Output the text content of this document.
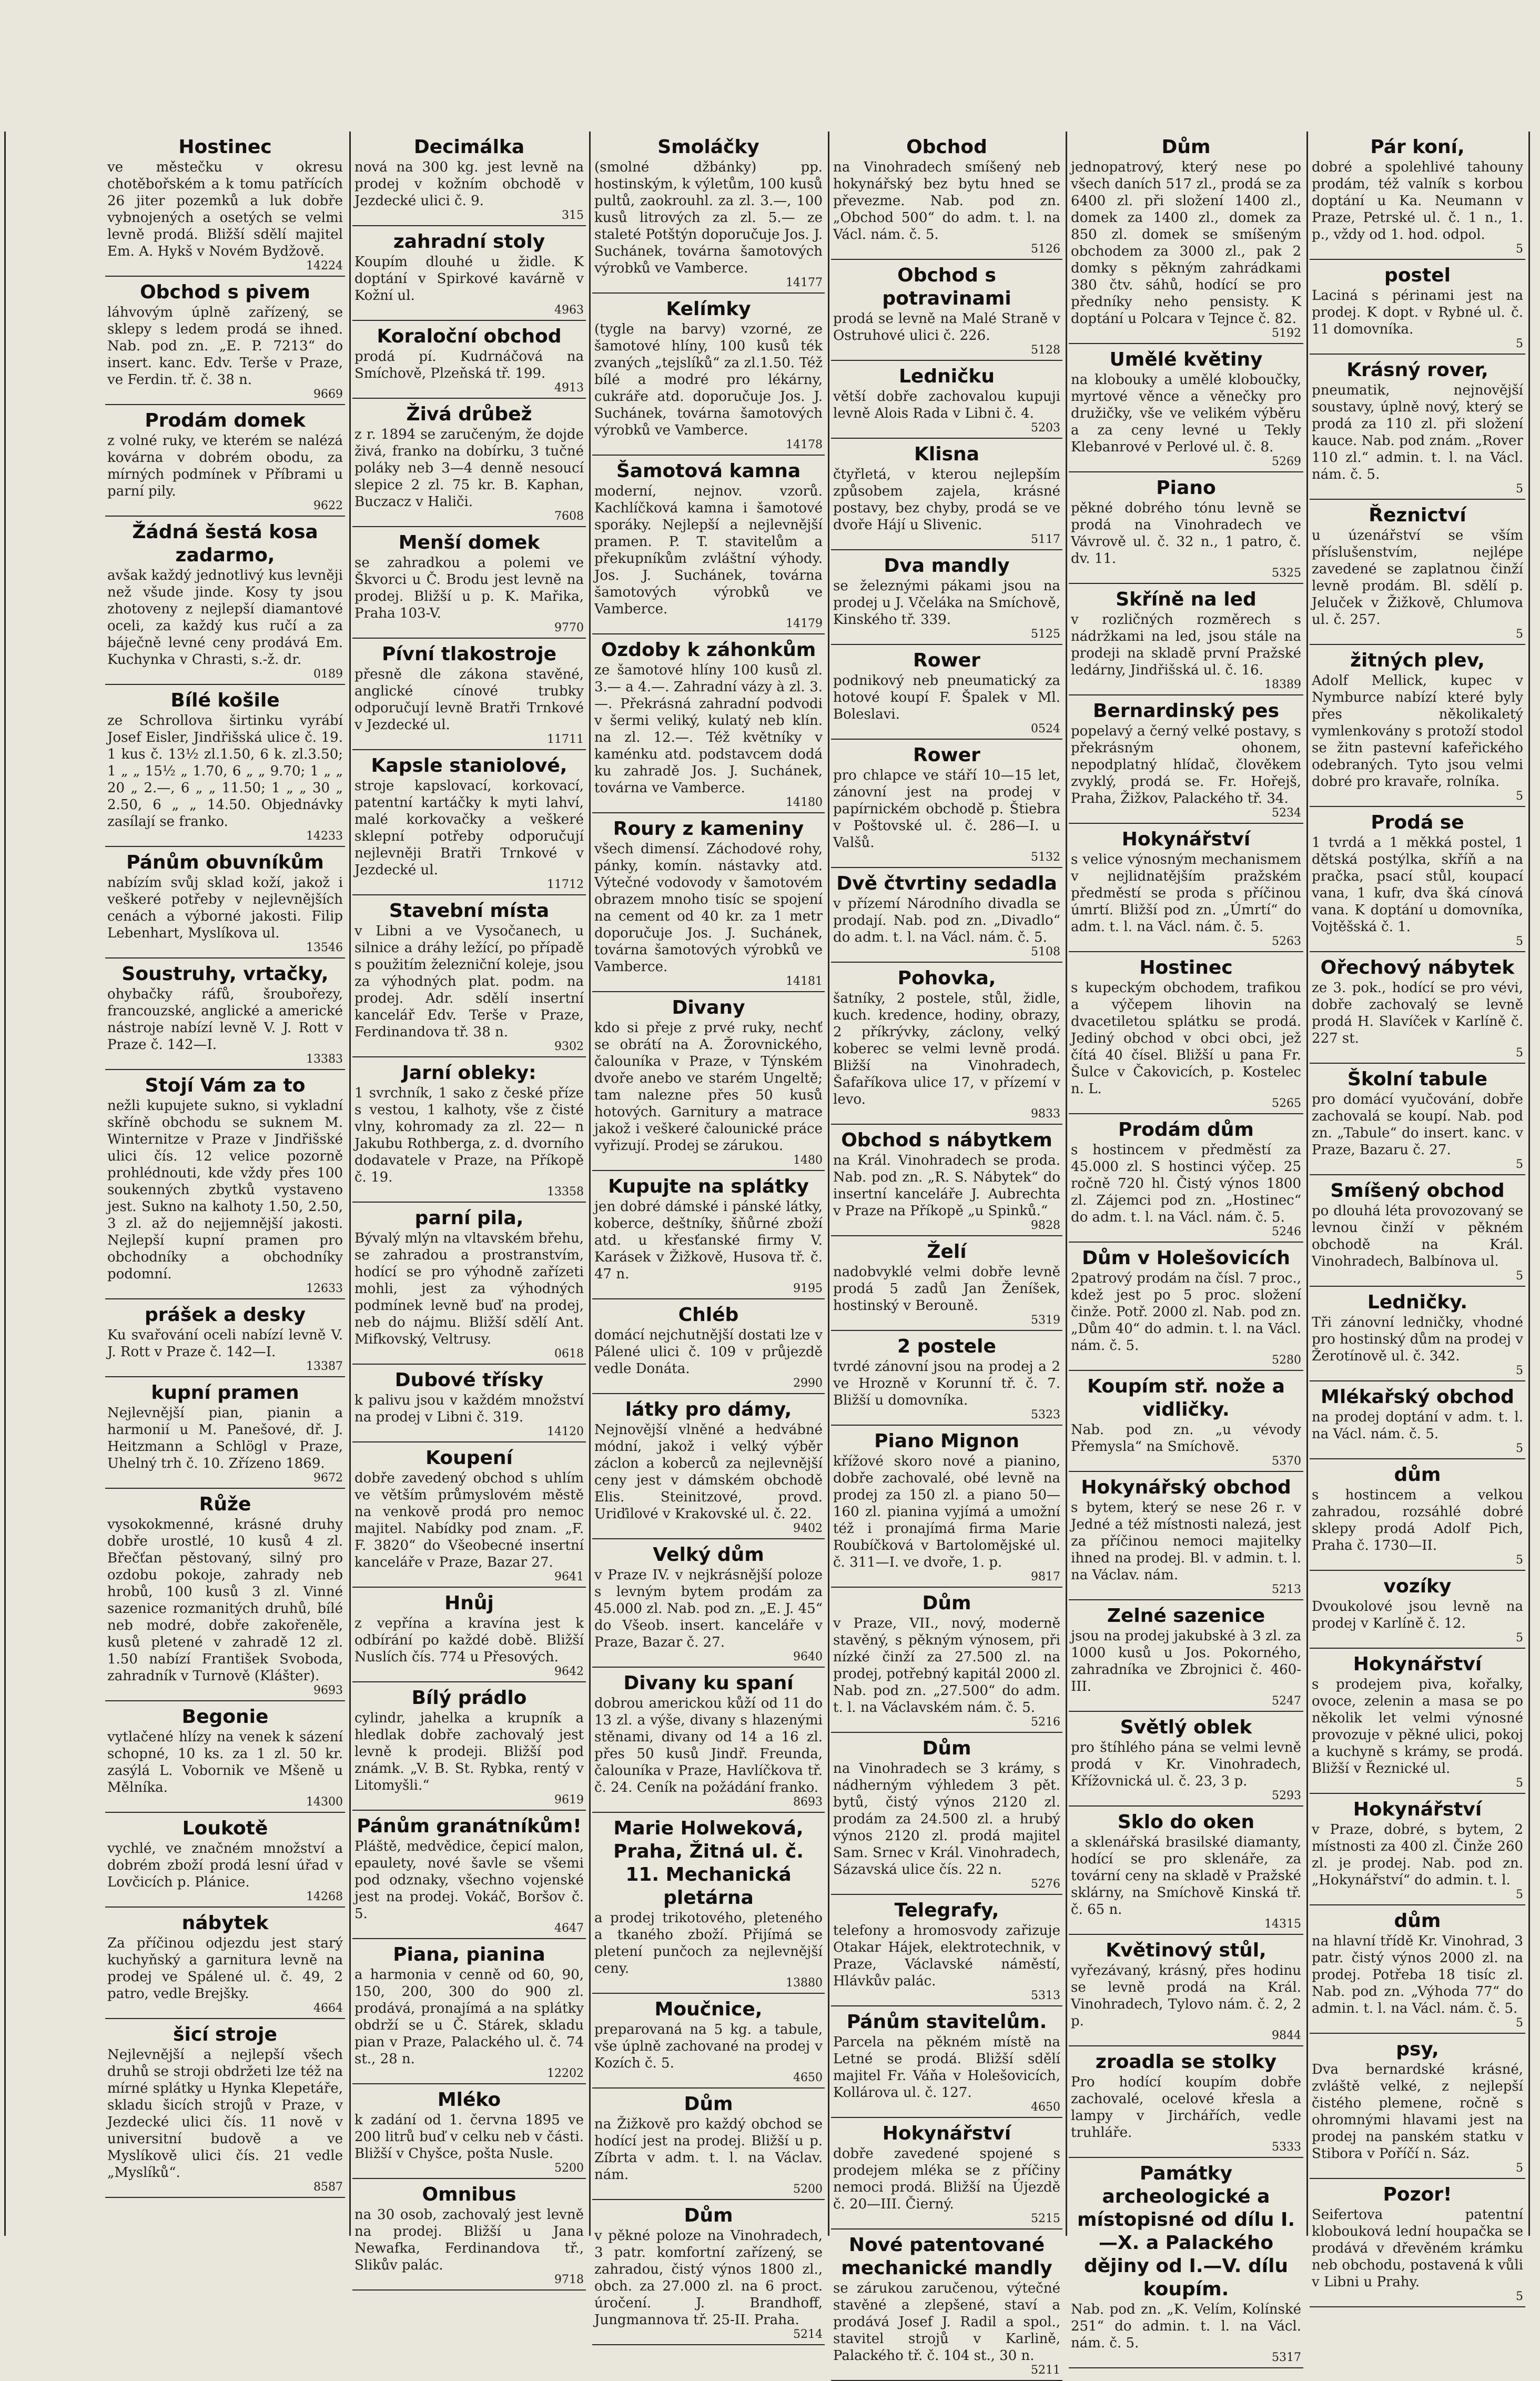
Hostinec
ve městečku v okresu chotěbořském a k tomu patřících 26 jiter pozemků a luk dobře vybnojených a osetých se velmi levně prodá. Bližší sdělí majitel Em. A. Hykš v Novém Bydžově.
14224
Obchod s pivem
láhvovým úplně zařízený, se sklepy s ledem prodá se ihned. Nab. pod zn. „E. P. 7213“ do insert. kanc. Edv. Terše v Praze, ve Ferdin. tř. č. 38 n.
9669
Prodám domek
z volné ruky, ve kterém se nalézá kovárna v dobrém obodu, za mírných podmínek v Příbrami u parní pily.
9622
Žádná šestá kosa zadarmo,
avšak každý jednotlivý kus levněji než všude jinde. Kosy ty jsou zhotoveny z nejlepší diamantové oceli, za každý kus ručí a za báječně levné ceny prodává Em. Kuchynka v Chrasti, s.-ž. dr.
0189
Bílé košile
ze Schrollova širtinku vyrábí Josef Eisler, Jindřišská ulice č. 19. 1 kus č. 13½ zl.1.50, 6 k. zl.3.50; 1 „ „ 15½ „ 1.70, 6 „ „ 9.70; 1 „ „ 20 „ 2.—, 6 „ „ 11.50; 1 „ „ 30 „ 2.50, 6 „ „ 14.50. Objednávky zasílají se franko.
14233
Pánům obuvníkům
nabízím svůj sklad koží, jakož i veškeré potřeby v nejlevnějších cenách a výborné jakosti. Filip Lebenhart, Myslíkova ul.
13546
Soustruhy, vrtačky,
ohybačky ráfů, šroubořezy, francouzské, anglické a americké nástroje nabízí levně V. J. Rott v Praze č. 142—I.
13383
Stojí Vám za to
nežli kupujete sukno, si vykladní skříně obchodu se suknem M. Winternitze v Praze v Jindřišské ulici čís. 12 velice pozorně prohlédnouti, kde vždy přes 100 soukenných zbytků vystaveno jest. Sukno na kalhoty 1.50, 2.50, 3 zl. až do nejjemnější jakosti. Nejlepší kupní pramen pro obchodníky a obchodníky podomní.
12633
prášek a desky
Ku svařování oceli nabízí levně V. J. Rott v Praze č. 142—I.
13387
kupní pramen
Nejlevnější pian, pianin a harmonií u M. Panešové, dř. J. Heitzmann a Schlögl v Praze, Uhelný trh č. 10. Zřízeno 1869.
9672
Růže
vysokokmenné, krásné druhy dobře urostlé, 10 kusů 4 zl. Břečťan pěstovaný, silný pro ozdobu pokoje, zahrady neb hrobů, 100 kusů 3 zl. Vinné sazenice rozmanitých druhů, bílé neb modré, dobře zakořeněle, kusů pletené v zahradě 12 zl. 1.50 nabízí František Svoboda, zahradník v Turnově (Klášter).
9693
Begonie
vytlačené hlízy na venek k sázení schopné, 10 ks. za 1 zl. 50 kr. zasýlá L. Vobornik ve Mšeně u Mělníka.
14300
Loukotě
vychlé, ve značném množství a dobrém zboží prodá lesní úřad v Lovčicích p. Plánice.
14268
nábytek
Za příčinou odjezdu jest starý kuchyňský a garnitura levně na prodej ve Spálené ul. č. 49, 2 patro, vedle Brejšky.
4664
šicí stroje
Nejlevnější a nejlepší všech druhů se stroji obdržeti lze též na mírné splátky u Hynka Klepetáře, skladu šicích strojů v Praze, v Jezdecké ulici čís. 11 nově v universitní budově a ve Myslíkově ulici čís. 21 vedle „Myslíků“.
8587
Decimálka
nová na 300 kg. jest levně na prodej v kožním obchodě v Jezdecké ulici č. 9.
315
zahradní stoly
Koupím dlouhé u židle. K doptání v Spirkové kavárně v Kožní ul.
4963
Koraloční obchod
prodá pí. Kudrnáčová na Smíchově, Plzeňská tř. 199.
4913
Živá drůbež
z r. 1894 se zaručeným, že dojde živá, franko na dobírku, 3 tučné poláky neb 3—4 denně nesoucí slepice 2 zl. 75 kr. B. Kaphan, Buczacz v Haliči.
7608
Menší domek
se zahradkou a polemi ve Škvorci u Č. Brodu jest levně na prodej. Bližší u p. K. Mařika, Praha 103-V.
9770
Pívní tlakostroje
přesně dle zákona stavěné, anglické cínové trubky odporučují levně Bratři Trnkové v Jezdecké ul.
11711
Kapsle staniolové,
stroje kapslovací, korkovací, patentní kartáčky k myti lahví, malé korkovačky a veškeré sklepní potřeby odporučují nejlevněji Bratři Trnkové v Jezdecké ul.
11712
Stavební místa
v Libni a ve Vysočanech, u silnice a dráhy ležící, po případě s použitím železniční koleje, jsou za výhodných plat. podm. na prodej. Adr. sdělí insertní kancelář Edv. Terše v Praze, Ferdinandova tř. 38 n.
9302
Jarní obleky:
1 svrchník, 1 sako z české příze s vestou, 1 kalhoty, vše z čisté vlny, kohromady za zl. 22— n Jakubu Rothberga, z. d. dvorního dodavatele v Praze, na Příkopě č. 19.
13358
parní pila,
Bývalý mlýn na vltavském břehu, se zahradou a prostranstvím, hodící se pro výhodně zařízeti mohli, jest za výhodných podmínek levně buď na prodej, neb do nájmu. Bližší sdělí Ant. Mifkovský, Veltrusy.
0618
Dubové třísky
k palivu jsou v každém množství na prodej v Libni č. 319.
14120
Koupení
dobře zavedený obchod s uhlím ve větším průmyslovém městě na venkově prodá pro nemoc majitel. Nabídky pod znam. „F. F. 3820“ do Všeobecné insertní kanceláře v Praze, Bazar 27.
9641
Hnůj
z vepřína a kravína jest k odbírání po každé době. Bližší Nuslích čís. 774 u Přesových.
9642
Bílý prádlo
cylindr, jahelka a krupník a hledlak dobře zachovalý jest levně k prodeji. Bližší pod známk. „V. B. St. Rybka, rentý v Litomyšli.“
9619
Pánům granátníkům!
Pláště, medvědice, čepicí malon, epaulety, nové šavle se všemi pod odznaky, všechno vojenské jest na prodej. Vokáč, Boršov č. 5.
4647
Piana, pianina
a harmonia v cenně od 60, 90, 150, 200, 300 do 900 zl. prodává, pronajímá a na splátky obdrží se u Č. Stárek, skladu pian v Praze, Palackého ul. č. 74 st., 28 n.
12202
Mléko
k zadání od 1. června 1895 ve 200 litrů buď v celku neb v části. Bližší v Chyšce, pošta Nusle.
5200
Omnibus
na 30 osob, zachovalý jest levně na prodej. Bližší u Jana Newafka, Ferdinandova tř., Slikův palác.
9718
Smoláčky
(smolné džbánky) pp. hostinským, k výletům, 100 kusů pultů, zaokrouhl. za zl. 3.—, 100 kusů litrových za zl. 5.— ze staleté Potštýn doporučuje Jos. J. Suchánek, továrna šamotových výrobků ve Vamberce.
14177
Kelímky
(tygle na barvy) vzorné, ze šamotové hlíny, 100 kusů ték zvaných „tejslíků“ za zl.1.50. Též bílé a modré pro lékárny, cukráře atd. doporučuje Jos. J. Suchánek, továrna šamotových výrobků ve Vamberce.
14178
Šamotová kamna
moderní, nejnov. vzorů. Kachlíčková kamna i šamotové sporáky. Nejlepší a nejlevnější pramen. P. T. stavitelům a překupníkům zvláštní výhody. Jos. J. Suchánek, továrna šamotových výrobků ve Vamberce.
14179
Ozdoby k záhonkům
ze šamotové hlíny 100 kusů zl. 3.— a 4.—. Zahradní vázy à zl. 3.—. Překrásná zahradní podvodi v šermi veliký, kulatý neb klín. na zl. 12.—. Též květníky v kaménku atd. podstavcem dodá ku zahradě Jos. J. Suchánek, továrna ve Vamberce.
14180
Roury z kameniny
všech dimensí. Záchodové rohy, pánky, komín. nástavky atd. Výtečné vodovody v šamotovém obrazem mnoho tisíc se spojení na cement od 40 kr. za 1 metr doporučuje Jos. J. Suchánek, továrna šamotových výrobků ve Vamberce.
14181
Divany
kdo si přeje z prvé ruky, nechť se obrátí na A. Žorovnického, čalouníka v Praze, v Týnském dvoře anebo ve starém Ungeltě; tam nalezne přes 50 kusů hotových. Garnitury a matrace jakož i veškeré čalounické práce vyřizují. Prodej se zárukou.
1480
Kupujte na splátky
jen dobré dámské i pánské látky, koberce, deštníky, šňůrné zboží atd. u křesťanské firmy V. Karásek v Žižkově, Husova tř. č. 47 n.
9195
Chléb
domácí nejchutnější dostati lze v Pálené ulici č. 109 v průjezdě vedle Donáta.
2990
látky pro dámy,
Nejnovější vlněné a hedvábné módní, jakož i velký výběr záclon a koberců za nejlevnější ceny jest v dámském obchodě Elis. Steinitzové, provd. Uriďilové v Krakovské ul. č. 22.
9402
Velký dům
v Praze IV. v nejkrásnější poloze s levným bytem prodám za 45.000 zl. Nab. pod zn. „E. J. 45“ do Všeob. insert. kanceláře v Praze, Bazar č. 27.
9640
Divany ku spaní
dobrou americkou kůží od 11 do 13 zl. a výše, divany s hlazenými stěnami, divany od 14 a 16 zl. přes 50 kusů Jindř. Freunda, čalouníka v Praze, Havlíčkova tř. č. 24. Ceník na požádání franko.
8693
Marie Holweková, Praha, Žitná ul. č. 11. Mechanická pletárna
a prodej trikotového, pleteného a tkaného zboží. Přijímá se pletení punčoch za nejlevnější ceny.
13880
Moučnice,
preparovaná na 5 kg. a tabule, vše úplně zachované na prodej v Kozích č. 5.
4650
Dům
na Žižkově pro každý obchod se hodící jest na prodej. Bližší u p. Zíbrta v adm. t. l. na Václav. nám.
5200
Dům
v pěkné poloze na Vinohradech, 3 patr. komfortní zařízený, se zahradou, čistý výnos 1800 zl., obch. za 27.000 zl. na 6 proct. úročení. J. Brandhoff, Jungmannova tř. 25-II. Praha.
5214
Obchod
na Vinohradech smíšený neb hokynářský bez bytu hned se převezme. Nab. pod zn. „Obchod 500“ do adm. t. l. na Václ. nám. č. 5.
5126
Obchod s potravinami
prodá se levně na Malé Straně v Ostruhové ulici č. 226.
5128
Ledničku
větší dobře zachovalou kupuji levně Alois Rada v Libni č. 4.
5203
Klisna
čtyřletá, v kterou nejlepším způsobem zajela, krásné postavy, bez chyby, prodá se ve dvoře Hájí u Slivenic.
5117
Dva mandly
se železnými pákami jsou na prodej u J. Včeláka na Smíchově, Kinského tř. 339.
5125
Rower
podnikový neb pneumatický za hotové koupí F. Špalek v Ml. Boleslavi.
0524
Rower
pro chlapce ve stáří 10—15 let, zánovní jest na prodej v papírnickém obchodě p. Štiebra v Poštovské ul. č. 286—I. u Valšů.
5132
Dvě čtvrtiny sedadla
v přízemí Národního divadla se prodají. Nab. pod zn. „Divadlo“ do adm. t. l. na Václ. nám. č. 5.
5108
Pohovka,
šatníky, 2 postele, stůl, židle, kuch. kredence, hodiny, obrazy, 2 příkrývky, záclony, velký koberec se velmi levně prodá. Bližší na Vinohradech, Šafaříkova ulice 17, v přízemí v levo.
9833
Obchod s nábytkem
na Král. Vinohradech se proda. Nab. pod zn. „R. S. Nábytek“ do insertní kanceláře J. Aubrechta v Praze na Příkopě „u Spinků.“
9828
Želí
nadobvyklé velmi dobře levně prodá 5 zadů Jan Ženíšek, hostinský v Berouně.
5319
2 postele
tvrdé zánovní jsou na prodej a 2 ve Hrozně v Korunní tř. č. 7. Bližší u domovníka.
5323
Piano Mignon
křížové skoro nové a pianino, dobře zachovalé, obé levně na prodej za 150 zl. a piano 50—160 zl. pianina vyjímá a umožní též i pronajímá firma Marie Roubíčková v Bartolomějské ul. č. 311—I. ve dvoře, 1. p.
9817
Dům
v Praze, VII., nový, moderně stavěný, s pěkným výnosem, při nízké činží za 27.500 zl. na prodej, potřebný kapitál 2000 zl. Nab. pod zn. „27.500“ do adm. t. l. na Václavském nám. č. 5.
5216
Dům
na Vinohradech se 3 krámy, s nádherným výhledem 3 pět. bytů, čistý výnos 2120 zl. prodám za 24.500 zl. a hrubý výnos 2120 zl. prodá majitel Sam. Srnec v Král. Vinohradech, Sázavská ulice čís. 22 n.
5276
Telegrafy,
telefony a hromosvody zařizuje Otakar Hájek, elektrotechnik, v Praze, Václavské náměstí, Hlávkův palác.
5313
Pánům stavitelům.
Parcela na pěkném místě na Letné se prodá. Bližší sdělí majitel Fr. Váňa v Holešovicích, Kollárova ul. č. 127.
4650
Hokynářství
dobře zavedené spojené s prodejem mléka se z příčiny nemoci prodá. Bližší na Újezdě č. 20—III. Čierný.
5215
Nové patentované mechanické mandly
se zárukou zaručenou, výtečné stavěné a zlepšené, staví a prodává Josef J. Radil a spol., stavitel strojů v Karlině, Palackého tř. č. 104 st., 30 n.
5211
Dům
jednopatrový, který nese po všech daních 517 zl., prodá se za 6400 zl. při složení 1400 zl., domek za 1400 zl., domek za 850 zl. domek se smíšeným obchodem za 3000 zl., pak 2 domky s pěkným zahrádkami 380 čtv. sáhů, hodící se pro předníky neho pensisty. K doptání u Polcara v Tejnce č. 82.
5192
Umělé květiny
na klobouky a umělé kloboučky, myrtové věnce a věnečky pro družičky, vše ve velikém výběru a za ceny levné u Tekly Klebanrové v Perlové ul. č. 8.
5269
Piano
pěkné dobrého tónu levně se prodá na Vinohradech ve Vávrově ul. č. 32 n., 1 patro, č. dv. 11.
5325
Skříně na led
v rozličných rozměrech s nádržkami na led, jsou stále na prodeji na skladě první Pražské ledárny, Jindřišská ul. č. 16.
18389
Bernardinský pes
popelavý a černý velké postavy, s překrásným ohonem, nepodplatný hlídač, člověkem zvyklý, prodá se. Fr. Hořejš, Praha, Žižkov, Palackého tř. 34.
5234
Hokynářství
s velice výnosným mechanismem v nejlidnatějším pražském předměstí se proda s příčinou úmrtí. Bližší pod zn. „Úmrtí“ do adm. t. l. na Václ. nám. č. 5.
5263
Hostinec
s kupeckým obchodem, trafikou a výčepem lihovin na dvacetiletou splátku se prodá. Jediný obchod v obci obci, jež čítá 40 čísel. Bližší u pana Fr. Šulce v Čakovicích, p. Kostelec n. L.
5265
Prodám dům
s hostincem v předměstí za 45.000 zl. S hostinci výčep. 25 ročně 720 hl. Čistý výnos 1800 zl. Zájemci pod zn. „Hostinec“ do adm. t. l. na Václ. nám. č. 5.
5246
Dům v Holešovicích
2patrový prodám na čísl. 7 proc., kdež jest po 5 proc. složení činže. Potř. 2000 zl. Nab. pod zn. „Dům 40“ do admin. t. l. na Václ. nám. č. 5.
5280
Koupím stř. nože a vidličky.
Nab. pod zn. „u vévody Přemysla“ na Smíchově.
5370
Hokynářský obchod
s bytem, který se nese 26 r. v Jedné a též místnosti nalezá, jest za příčinou nemoci majitelky ihned na prodej. Bl. v admin. t. l. na Václav. nám.
5213
Zelné sazenice
jsou na prodej jakubské à 3 zl. za 1000 kusů u Jos. Pokorného, zahradníka ve Zbrojnici č. 460-III.
5247
Světlý oblek
pro štíhlého pána se velmi levně prodá v Kr. Vinohradech, Křížovnická ul. č. 23, 3 p.
5293
Sklo do oken
a sklenářská brasilské diamanty, hodící se pro sklenáře, za tovární ceny na skladě v Pražské sklárny, na Smíchově Kinská tř. č. 65 n.
14315
Květinový stůl,
vyřezávaný, krásný, přes hodinu se levně prodá na Král. Vinohradech, Tylovo nám. č. 2, 2 p.
9844
zroadla se stolky
Pro hodící koupím dobře zachovalé, ocelové křesla a lampy v Jirchářích, vedle truhláře.
5333
Památky archeologické a místopisné od dílu I.—X. a Palackého dějiny od I.—V. dílu koupím.
Nab. pod zn. „K. Velím, Kolínské 251“ do admin. t. l. na Václ. nám. č. 5.
5317
Pár koní,
dobré a spolehlivé tahouny prodám, též valník s korbou doptání u Ka. Neumann v Praze, Petrské ul. č. 1 n., 1. p., vždy od 1. hod. odpol.
5
postel
Laciná s périnami jest na prodej. K dopt. v Rybné ul. č. 11 domovníka.
5
Krásný rover,
pneumatik, nejnovější soustavy, úplně nový, který se prodá za 110 zl. při složení kauce. Nab. pod znám. „Rover 110 zl.“ admin. t. l. na Václ. nám. č. 5.
5
Řeznictví
u úzenářství se vším příslušenstvím, nejlépe zavedené se zaplatnou činží levně prodám. Bl. sdělí p. Jeluček v Žižkově, Chlumova ul. č. 257.
5
žitných plev,
Adolf Mellick, kupec v Nymburce nabízí které byly přes několikaletý vymlenkovány s protoží stodol se žitn pastevní kafeřického odebraných. Tyto jsou velmi dobré pro kravaře, rolníka.
5
Prodá se
1 tvrdá a 1 měkká postel, 1 dětská postýlka, skříň a na pračka, psací stůl, koupací vana, 1 kufr, dva šká cínová vana. K doptání u domovníka, Vojtěšská č. 1.
5
Ořechový nábytek
ze 3. pok., hodící se pro vévi, dobře zachovalý se levně prodá H. Slavíček v Karlíně č. 227 st.
5
Školní tabule
pro domácí vyučování, dobře zachovalá se koupí. Nab. pod zn. „Tabule“ do insert. kanc. v Praze, Bazaru č. 27.
5
Smíšený obchod
po dlouhá léta provozovaný se levnou činží v pěkném obchodě na Král. Vinohradech, Balbínova ul.
5
Ledničky.
Tři zánovní ledničky, vhodné pro hostinský dům na prodej v Žerotínově ul. č. 342.
5
Mlékařský obchod
na prodej doptání v adm. t. l. na Václ. nám. č. 5.
5
dům
s hostincem a velkou zahradou, rozsáhlé dobré sklepy prodá Adolf Pich, Praha č. 1730—II.
5
vozíky
Dvoukolové jsou levně na prodej v Karlíně č. 12.
5
Hokynářství
s prodejem piva, kořalky, ovoce, zelenin a masa se po několik let velmi výnosné provozuje v pěkné ulici, pokoj a kuchyně s krámy, se prodá. Bližší v Řeznické ul.
5
Hokynářství
v Praze, dobré, s bytem, 2 místnosti za 400 zl. Činže 260 zl. je prodej. Nab. pod zn. „Hokynářství“ do admin. t. l.
5
dům
na hlavní třídě Kr. Vinohrad, 3 patr. čistý výnos 2000 zl. na prodej. Potřeba 18 tisíc zl. Nab. pod zn. „Výhoda 77“ do admin. t. l. na Václ. nám. č. 5.
5
psy,
Dva bernardské krásné, zvláště velké, z nejlepší čistého plemene, ročně s ohromnými hlavami jest na prodej na panském statku v Stibora v Poříčí n. Sáz.
5
Pozor!
Seifertova patentní klobouková lední houpačka se prodává v dřevěném krámku neb obchodu, postavená k vůli v Libni u Prahy.
5
